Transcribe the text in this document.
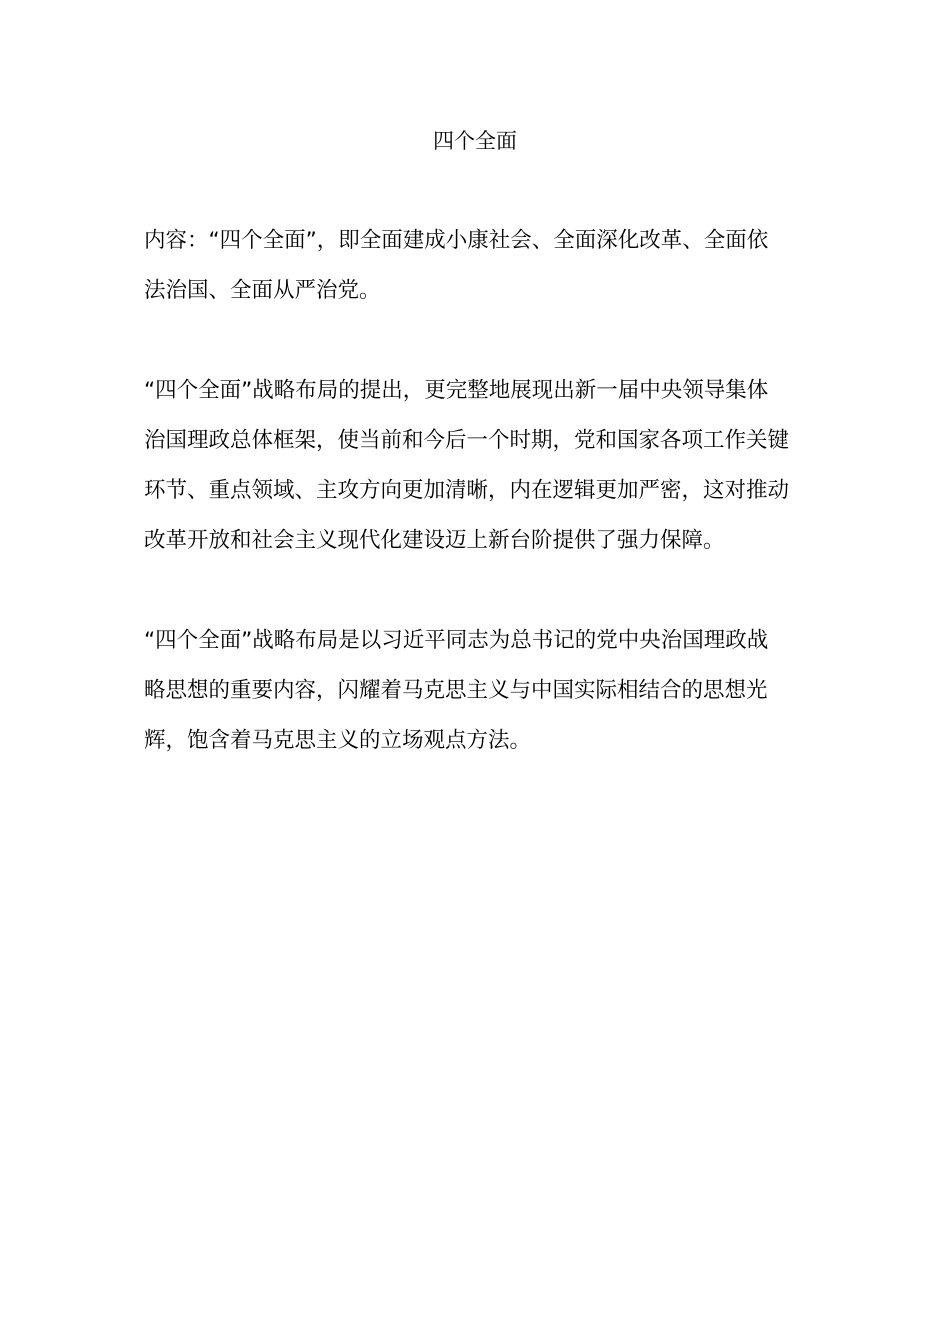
四个全面

内容：“四个全面”，即全面建成小康社会、全面深化改革、全面依
法治国、全面从严治党。

“四个全面”战略布局的提出，更完整地展现出新一届中央领导集体
治国理政总体框架，使当前和今后一个时期，党和国家各项工作关键
环节、重点领域、主攻方向更加清晰，内在逻辑更加严密，这对推动
改革开放和社会主义现代化建设迈上新台阶提供了强力保障。

“四个全面”战略布局是以习近平同志为总书记的党中央治国理政战
略思想的重要内容，闪耀着马克思主义与中国实际相结合的思想光
辉，饱含着马克思主义的立场观点方法。
